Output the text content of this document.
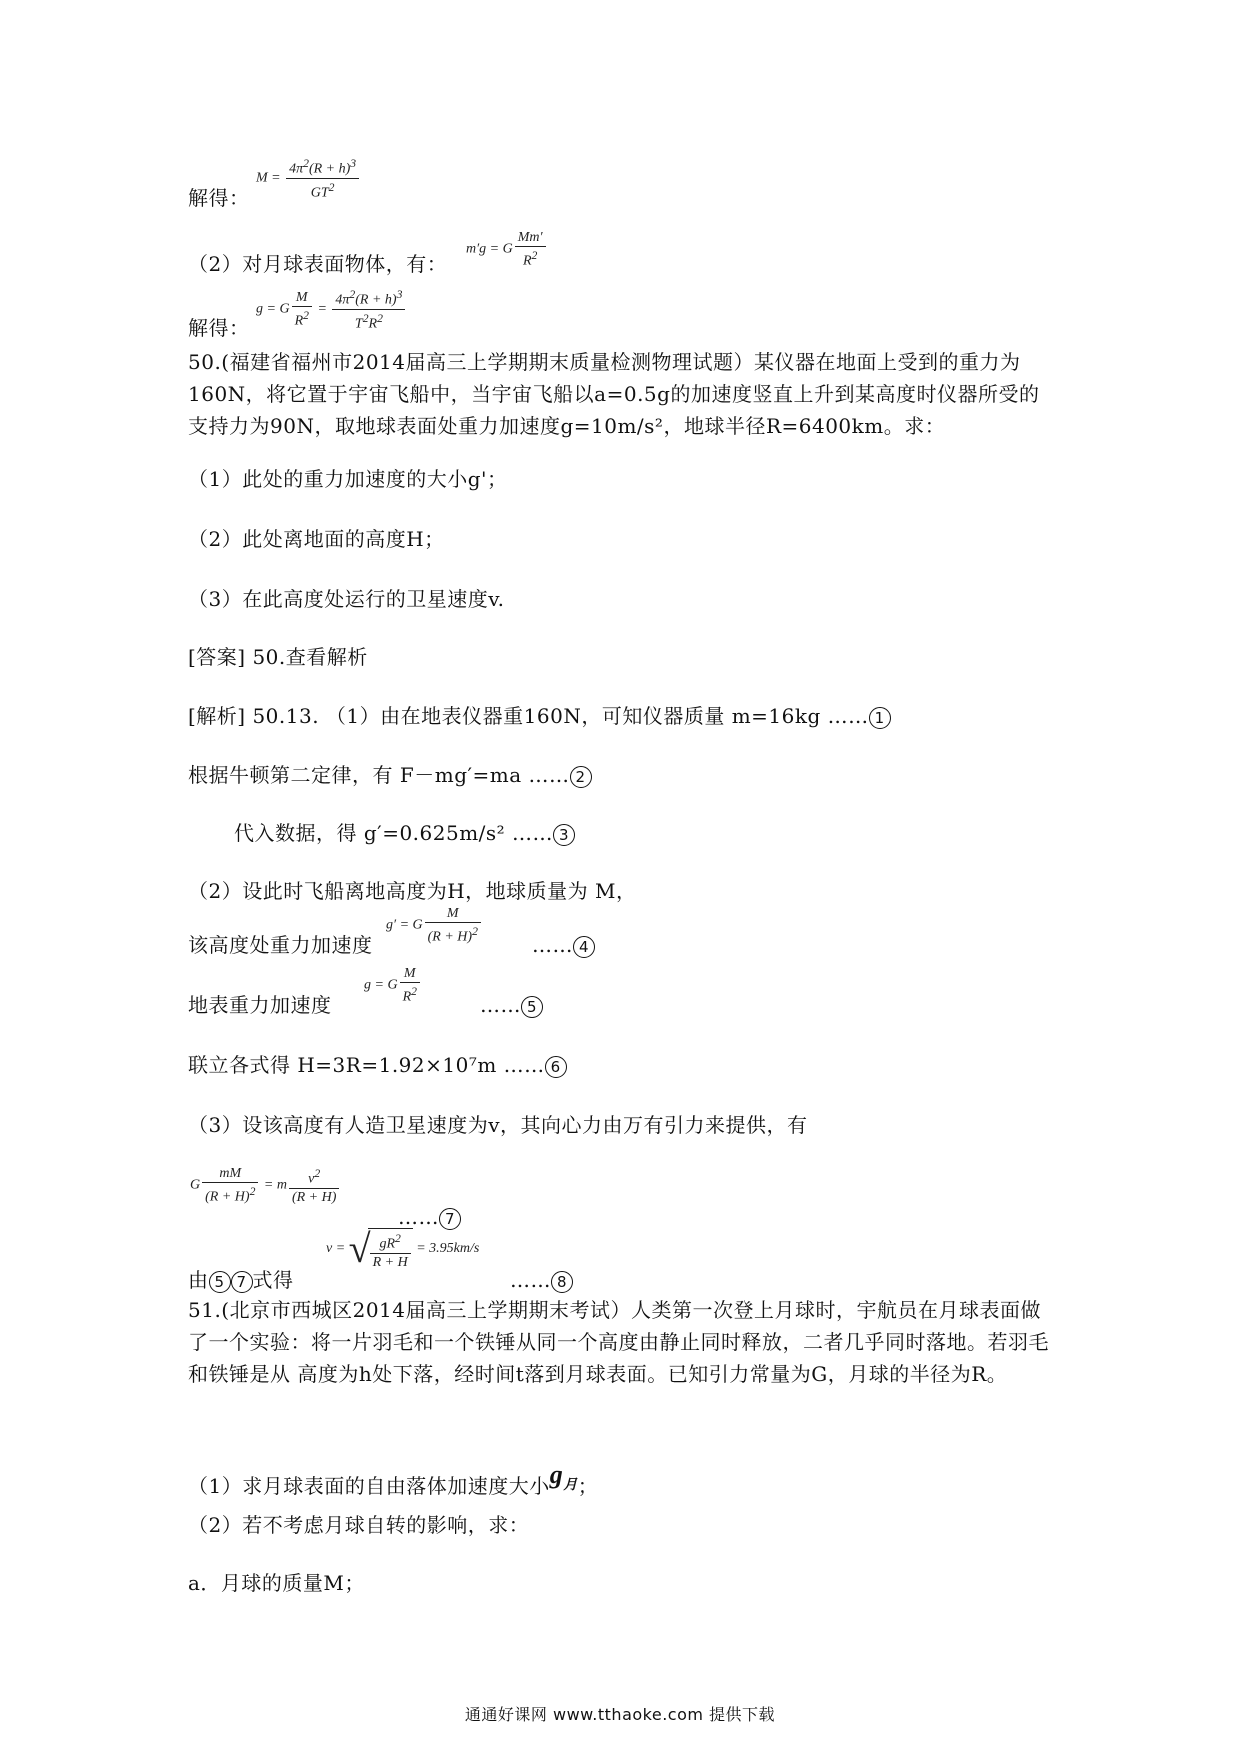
解得：
$M = \frac{4\pi^2(R + h)^3}{GT^2}$
（2）对月球表面物体，有：
m′g = G $\frac{Mm'}{R^2}$
解得：
g = G $\frac{M}{R^2} = \frac{4\pi^2(R + h)^3}{T^2R^2}$
50.(福建省福州市2014届高三上学期期末质量检测物理试题）某仪器在地面上受到的重力为160N，将它置于宇宙飞船中，当宇宙飞船以a=0.5g的加速度竖直上升到某高度时仪器所受的支持力为90N，取地球表面处重力加速度g=10m/s²，地球半径R=6400km。求：
（1）此处的重力加速度的大小g'；
（2）此处离地面的高度H；
（3）在此高度处运行的卫星速度v.
[答案] 50.查看解析
[解析] 50.13. （1）由在地表仪器重160N，可知仪器质量 m=16kg …… 1
根据牛顿第二定律，有 F－mg′=ma …… 2
代入数据，得 g′=0.625m/s² …… 3
（2）设此时飞船离地高度为H，地球质量为 M，
该高度处重力加速度
g′ = G $\frac{M}{(R + H)^2}$
…… 4
地表重力加速度
g = G $\frac{M}{R^2}$
…… 5
联立各式得 H=3R=1.92×10⁷m …… 6
（3）设该高度有人造卫星速度为v，其向心力由万有引力来提供，有
G $\frac{mM}{(R + H)^2} = m \frac{v^2}{(R + H)}$
…… 7
由 5 7 式得
v = √ $\frac{gR^2}{R + H} = 3.95km/s$
…… 8
51.(北京市西城区2014届高三上学期期末考试）人类第一次登上月球时，宇航员在月球表面做了一个实验：将一片羽毛和一个铁锤从同一个高度由静止同时释放，二者几乎同时落地。若羽毛和铁锤是从 高度为h处下落，经时间t落到月球表面。已知引力常量为G，月球的半径为R。
（1）求月球表面的自由落体加速度大小$g_月$；
（2）若不考虑月球自转的影响，求：
a．月球的质量M；
通通好课网 www.tthaoke.com 提供下载
